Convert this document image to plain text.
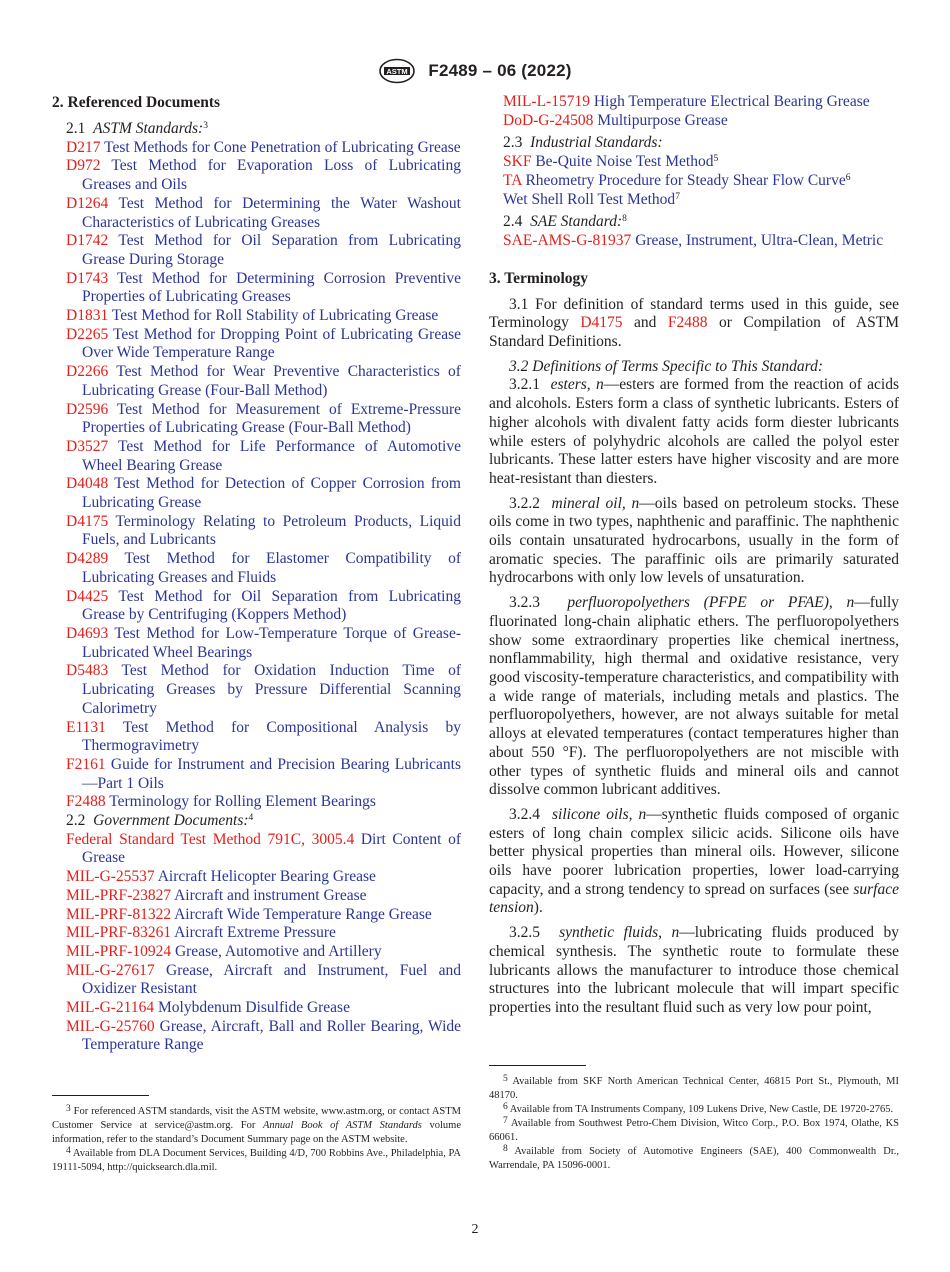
ASTM F2489 – 06 (2022)
2. Referenced Documents
2.1 ASTM Standards:$^3$
D217 Test Methods for Cone Penetration of Lubricating Grease
D972 Test Method for Evaporation Loss of Lubricating Greases and Oils
D1264 Test Method for Determining the Water Washout Characteristics of Lubricating Greases
D1742 Test Method for Oil Separation from Lubricating Grease During Storage
D1743 Test Method for Determining Corrosion Preventive Properties of Lubricating Greases
D1831 Test Method for Roll Stability of Lubricating Grease
D2265 Test Method for Dropping Point of Lubricating Grease Over Wide Temperature Range
D2266 Test Method for Wear Preventive Characteristics of Lubricating Grease (Four-Ball Method)
D2596 Test Method for Measurement of Extreme-Pressure Properties of Lubricating Grease (Four-Ball Method)
D3527 Test Method for Life Performance of Automotive Wheel Bearing Grease
D4048 Test Method for Detection of Copper Corrosion from Lubricating Grease
D4175 Terminology Relating to Petroleum Products, Liquid Fuels, and Lubricants
D4289 Test Method for Elastomer Compatibility of Lubricating Greases and Fluids
D4425 Test Method for Oil Separation from Lubricating Grease by Centrifuging (Koppers Method)
D4693 Test Method for Low-Temperature Torque of Grease-Lubricated Wheel Bearings
D5483 Test Method for Oxidation Induction Time of Lubricating Greases by Pressure Differential Scanning Calorimetry
E1131 Test Method for Compositional Analysis by Thermogravimetry
F2161 Guide for Instrument and Precision Bearing Lubricants—Part 1 Oils
F2488 Terminology for Rolling Element Bearings
2.2 Government Documents:$^4$
Federal Standard Test Method 791C, 3005.4 Dirt Content of Grease
MIL-G-25537 Aircraft Helicopter Bearing Grease
MIL-PRF-23827 Aircraft and instrument Grease
MIL-PRF-81322 Aircraft Wide Temperature Range Grease
MIL-PRF-83261 Aircraft Extreme Pressure
MIL-PRF-10924 Grease, Automotive and Artillery
MIL-G-27617 Grease, Aircraft and Instrument, Fuel and Oxidizer Resistant
MIL-G-21164 Molybdenum Disulfide Grease
MIL-G-25760 Grease, Aircraft, Ball and Roller Bearing, Wide Temperature Range
MIL-L-15719 High Temperature Electrical Bearing Grease
DoD-G-24508 Multipurpose Grease
2.3 Industrial Standards:
SKF Be-Quite Noise Test Method$^5$
TA Rheometry Procedure for Steady Shear Flow Curve$^6$
Wet Shell Roll Test Method$^7$
2.4 SAE Standard:$^8$
SAE-AMS-G-81937 Grease, Instrument, Ultra-Clean, Metric
3. Terminology

3.1 For definition of standard terms used in this guide, see Terminology D4175 and F2488 or Compilation of ASTM Standard Definitions.

3.2 Definitions of Terms Specific to This Standard:

3.2.1 esters, n—esters are formed from the reaction of acids and alcohols. Esters form a class of synthetic lubricants. Esters of higher alcohols with divalent fatty acids form diester lubricants while esters of polyhydric alcohols are called the polyol ester lubricants. These latter esters have higher viscosity and are more heat-resistant than diesters.

3.2.2 mineral oil, n—oils based on petroleum stocks. These oils come in two types, naphthenic and paraffinic. The naphthenic oils contain unsaturated hydrocarbons, usually in the form of aromatic species. The paraffinic oils are primarily saturated hydrocarbons with only low levels of unsaturation.

3.2.3 perfluoropolyethers (PFPE or PFAE), n—fully fluorinated long-chain aliphatic ethers. The perfluoropolyethers show some extraordinary properties like chemical inertness, nonflammability, high thermal and oxidative resistance, very good viscosity-temperature characteristics, and compatibility with a wide range of materials, including metals and plastics. The perfluoropolyethers, however, are not always suitable for metal alloys at elevated temperatures (contact temperatures higher than about 550 °F). The perfluoropolyethers are not miscible with other types of synthetic fluids and mineral oils and cannot dissolve common lubricant additives.

3.2.4 silicone oils, n—synthetic fluids composed of organic esters of long chain complex silicic acids. Silicone oils have better physical properties than mineral oils. However, silicone oils have poorer lubrication properties, lower load-carrying capacity, and a strong tendency to spread on surfaces (see surface tension).

3.2.5 synthetic fluids, n—lubricating fluids produced by chemical synthesis. The synthetic route to formulate these lubricants allows the manufacturer to introduce those chemical structures into the lubricant molecule that will impart specific properties into the resultant fluid such as very low pour point,

$^3$ For referenced ASTM standards, visit the ASTM website, www.astm.org, or contact ASTM Customer Service at service@astm.org. For Annual Book of ASTM Standards volume information, refer to the standard’s Document Summary page on the ASTM website.

$^4$ Available from DLA Document Services, Building 4/D, 700 Robbins Ave., Philadelphia, PA 19111-5094, http://quicksearch.dla.mil.

$^5$ Available from SKF North American Technical Center, 46815 Port St., Plymouth, MI 48170.

$^6$ Available from TA Instruments Company, 109 Lukens Drive, New Castle, DE 19720-2765.

$^7$ Available from Southwest Petro-Chem Division, Witco Corp., P.O. Box 1974, Olathe, KS 66061.

$^8$ Available from Society of Automotive Engineers (SAE), 400 Commonwealth Dr., Warrendale, PA 15096-0001.

2
